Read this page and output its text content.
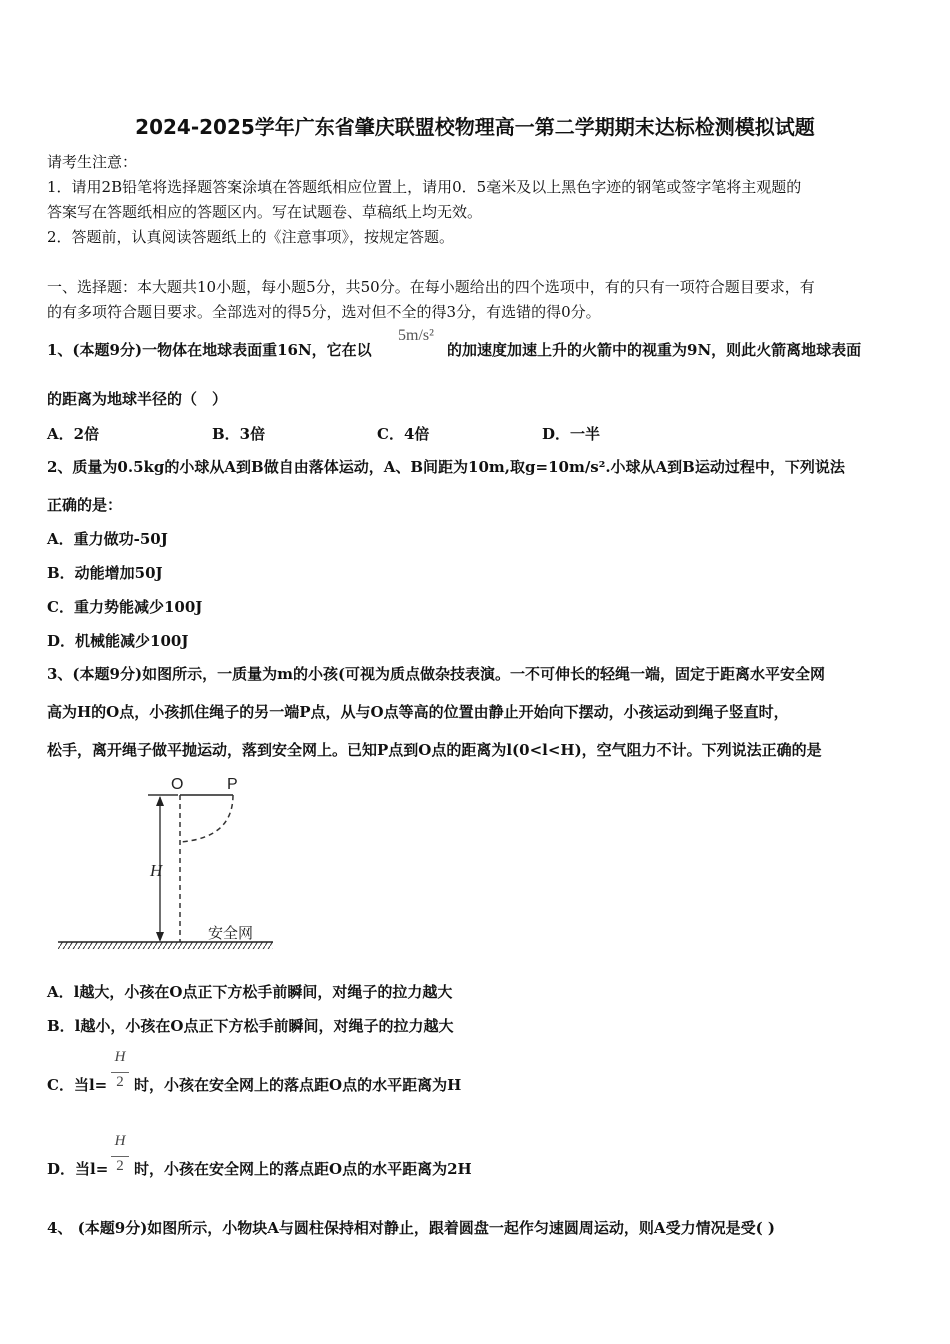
2024-2025学年广东省肇庆联盟校物理高一第二学期期末达标检测模拟试题
请考生注意：
1．请用2B铅笔将选择题答案涂填在答题纸相应位置上，请用0．5毫米及以上黑色字迹的钢笔或签字笔将主观题的
答案写在答题纸相应的答题区内。写在试题卷、草稿纸上均无效。
2．答题前，认真阅读答题纸上的《注意事项》，按规定答题。
一、选择题：本大题共10小题，每小题5分，共50分。在每小题给出的四个选项中，有的只有一项符合题目要求，有
的有多项符合题目要求。全部选对的得5分，选对但不全的得3分，有选错的得0分。
1、(本题9分)一物体在地球表面重16N，它在以
5m/s²
的加速度加速上升的火箭中的视重为9N，则此火箭离地球表面
的距离为地球半径的（　）
A．2倍	B．3倍	C．4倍	D．一半
2、质量为0.5kg的小球从A到B做自由落体运动，A、B间距为10m,取g=10m/s².小球从A到B运动过程中，下列说法
正确的是：
A．重力做功-50J
B．动能增加50J
C．重力势能减少100J
D．机械能减少100J
3、(本题9分)如图所示，一质量为m的小孩(可视为质点做杂技表演。一不可伸长的轻绳一端，固定于距离水平安全网
高为H的O点，小孩抓住绳子的另一端P点，从与O点等高的位置由静止开始向下摆动，小孩运动到绳子竖直时，
松手，离开绳子做平抛运动，落到安全网上。已知P点到O点的距离为l(0<l<H)，空气阻力不计。下列说法正确的是
O	P
H
安全网
A．l越大，小孩在O点正下方松手前瞬间，对绳子的拉力越大
B．l越小，小孩在O点正下方松手前瞬间，对绳子的拉力越大
C．当l=
H
2 时，小孩在安全网上的落点距O点的水平距离为H
D．当l=
H
2 时，小孩在安全网上的落点距O点的水平距离为2H
4、 (本题9分)如图所示，小物块A与圆柱保持相对静止，跟着圆盘一起作匀速圆周运动，则A受力情况是受( )
